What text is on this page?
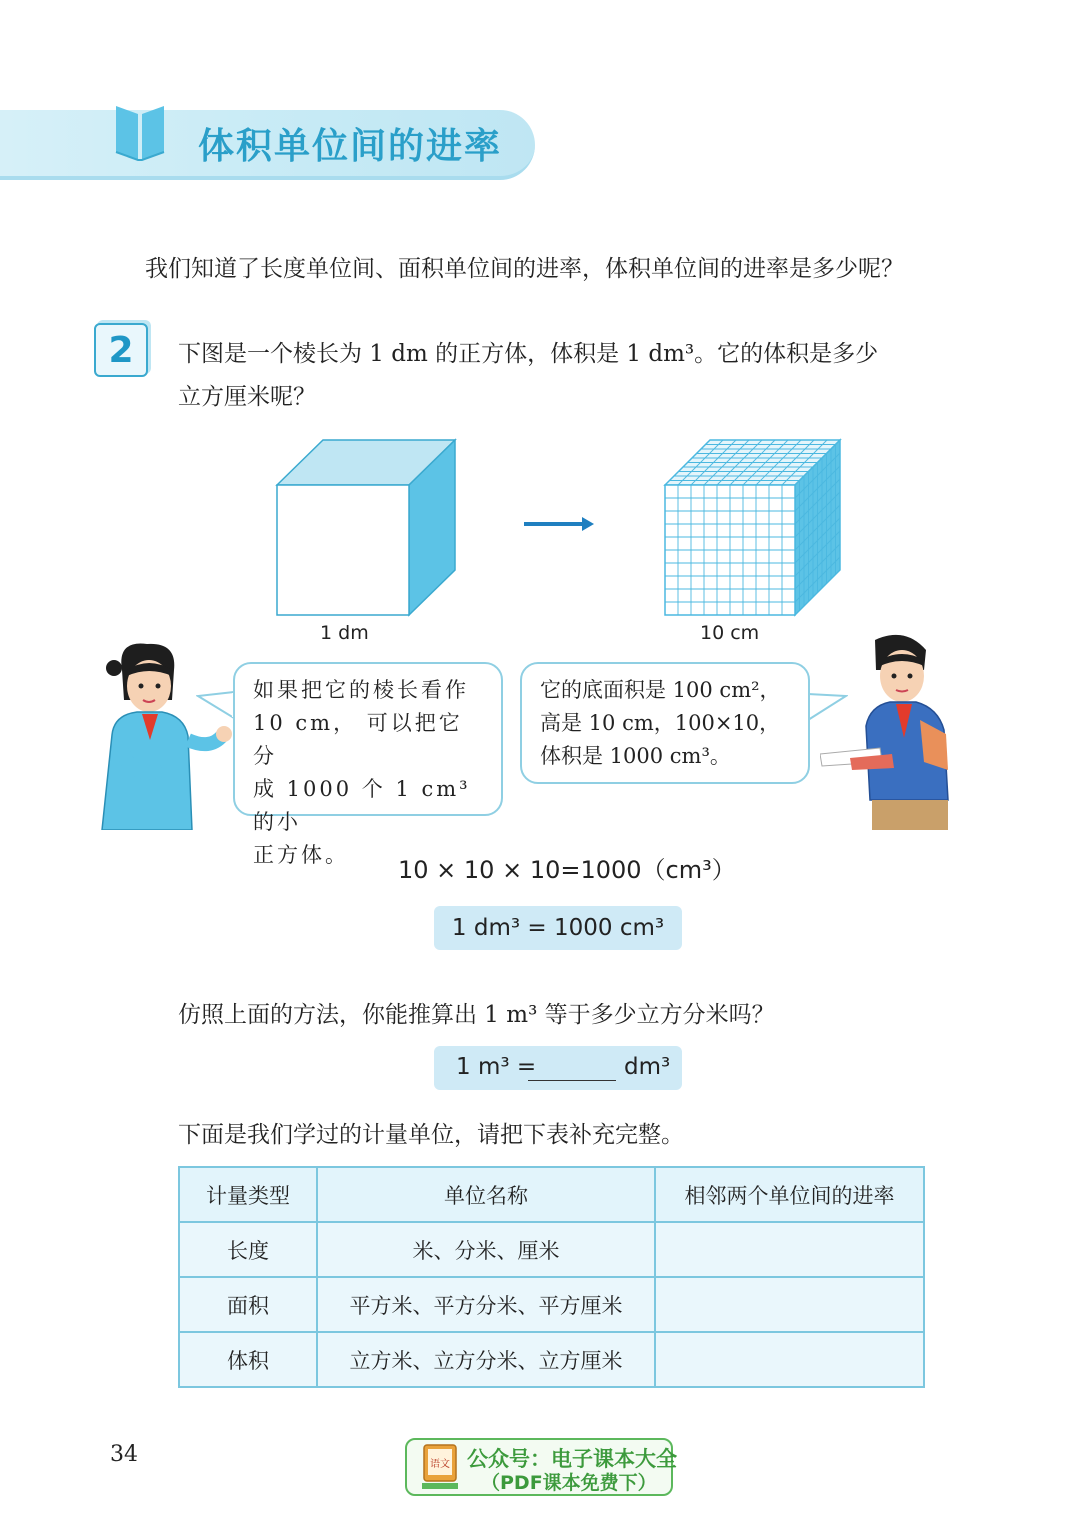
体积单位间的进率
我们知道了长度单位间、面积单位间的进率，体积单位间的进率是多少呢？
2	下图是一个棱长为 1 dm 的正方体，体积是 1 dm³。它的体积是多少
立方厘米呢？
1 dm	10 cm
如果把它的棱长看作
10 cm， 可以把它分
成 1000 个 1 cm³ 的小
正方体。
它的底面积是 100 cm²，
高是 10 cm，100×10，
体积是 1000 cm³。
10 × 10 × 10=1000（cm³）
1 dm³ = 1000 cm³
仿照上面的方法，你能推算出 1 m³ 等于多少立方分米吗？
1 m³ =	dm³
下面是我们学过的计量单位，请把下表补充完整。
计量类型	单位名称	相邻两个单位间的进率
长度	米、分米、厘米	
面积	平方米、平方分米、平方厘米	
体积	立方米、立方分米、立方厘米	
34	语文 公众号：电子课本大全
（PDF课本免费下）
